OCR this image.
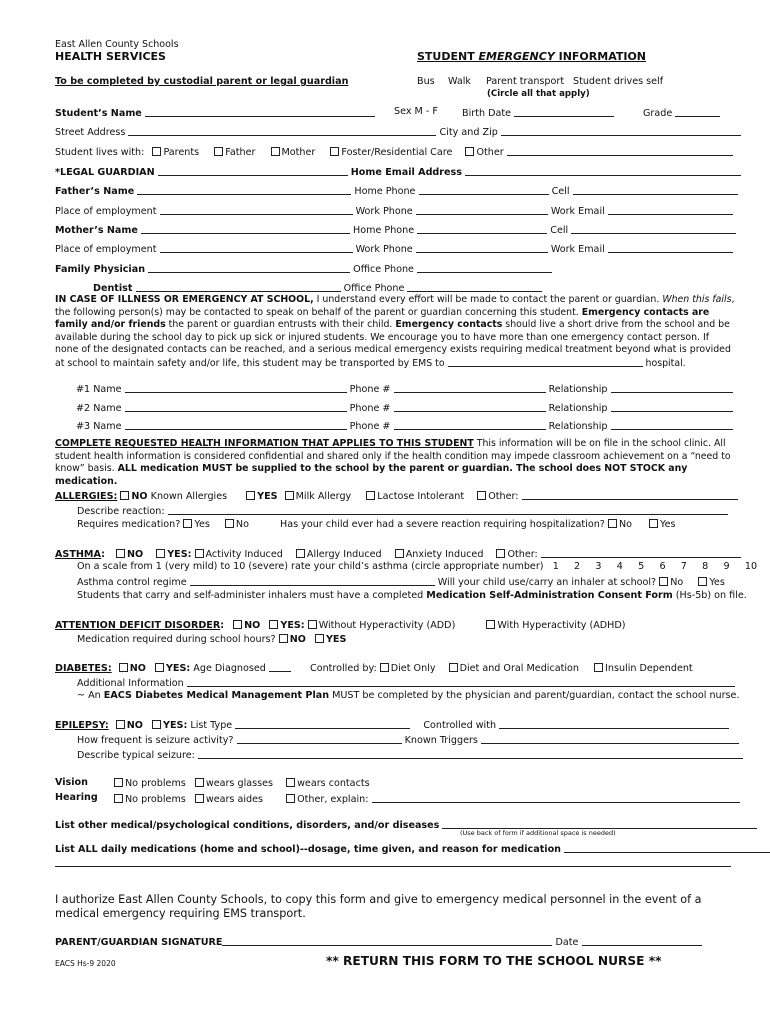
East Allen County Schools
HEALTH SERVICES	STUDENT EMERGENCY INFORMATION
To be completed by custodial parent or legal guardian	Bus Walk Parent transport Student drives self
(Circle all that apply)
Student’s Name	Sex M - F	Birth Date	Grade
Street Address	City and Zip
Student lives with: Parents	Father	Mother	Foster/Residential Care	Other
*LEGAL GUARDIAN	Home Email Address
Father’s Name	Home Phone	Cell
Place of employment	Work Phone	Work Email
Mother’s Name	Home Phone	Cell
Place of employment	Work Phone	Work Email
Family Physician	Office Phone
Dentist	Office Phone
IN CASE OF ILLNESS OR EMERGENCY AT SCHOOL, I understand every effort will be made to contact the parent or guardian. When this fails, the following person(s) may be contacted to speak on behalf of the parent or guardian concerning this student. Emergency contacts are family and/or friends the parent or guardian entrusts with their child. Emergency contacts should live a short drive from the school and be available during the school day to pick up sick or injured students. We encourage you to have more than one emergency contact person. If none of the designated contacts can be reached, and a serious medical emergency exists requiring medical treatment beyond what is provided at school to maintain safety and/or life, this student may be transported by EMS to	hospital.
#1 Name	Phone #	Relationship
#2 Name	Phone #	Relationship
#3 Name	Phone #	Relationship
COMPLETE REQUESTED HEALTH INFORMATION THAT APPLIES TO THIS STUDENT This information will be on file in the school clinic. All student health information is considered confidential and shared only if the health condition may impede classroom achievement on a “need to know” basis. ALL medication MUST be supplied to the school by the parent or guardian. The school does NOT STOCK any medication.
ALLERGIES: NO Known Allergies	YES Milk Allergy	Lactose Intolerant	Other:
Describe reaction:
Requires medication? Yes	No	Has your child ever had a severe reaction requiring hospitalization? No	Yes
ASTHMA: NO	YES: Activity Induced	Allergy Induced	Anxiety Induced	Other:
On a scale from 1 (very mild) to 10 (severe) rate your child’s asthma (circle appropriate number) 1     2     3     4     5     6     7     8     9     10
Asthma control regime	Will your child use/carry an inhaler at school? No	Yes
Students that carry and self-administer inhalers must have a completed Medication Self-Administration Consent Form (Hs-5b) on file.
ATTENTION DEFICIT DISORDER: NO YES: Without Hyperactivity (ADD)	With Hyperactivity (ADHD)
Medication required during school hours? NO YES
DIABETES: NO YES: Age Diagnosed	Controlled by: Diet Only	Diet and Oral Medication	Insulin Dependent
Additional Information
~ An EACS Diabetes Medical Management Plan MUST be completed by the physician and parent/guardian, contact the school nurse.
EPILEPSY: NO YES: List Type	Controlled with
How frequent is seizure activity?	Known Triggers
Describe typical seizure:
Vision	No problems wears glasses	wears contacts
Hearing	No problems wears aides	Other, explain:
List other medical/psychological conditions, disorders, and/or diseases
(Use back of form if additional space is needed)
List ALL daily medications (home and school)--dosage, time given, and reason for medication
I authorize East Allen County Schools, to copy this form and give to emergency medical personnel in the event of a medical emergency requiring EMS transport.
PARENT/GUARDIAN SIGNATURE	Date
EACS Hs-9 2020	** RETURN THIS FORM TO THE SCHOOL NURSE **
